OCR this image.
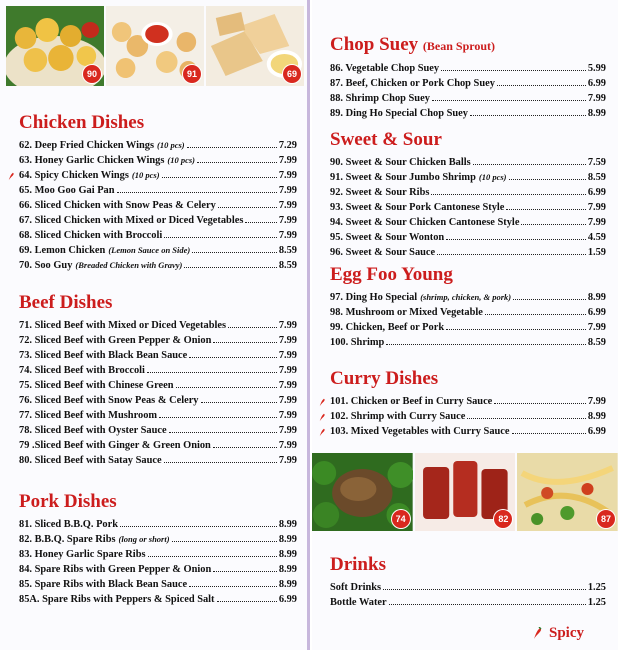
90	91	69
Chicken Dishes
62. Deep Fried Chicken Wings (10 pcs)	7.29
63. Honey Garlic Chicken Wings (10 pcs)	7.99
64. Spicy Chicken Wings (10 pcs)	7.99
65. Moo Goo Gai Pan	7.99
66. Sliced Chicken with Snow Peas & Celery	7.99
67. Sliced Chicken with Mixed or Diced Vegetables	7.99
68. Sliced Chicken with Broccoli	7.99
69. Lemon Chicken (Lemon Sauce on Side)	8.59
70. Soo Guy (Breaded Chicken with Gravy)	8.59
Beef Dishes
71. Sliced Beef with Mixed or Diced Vegetables	7.99
72. Sliced Beef with Green Pepper & Onion	7.99
73. Sliced Beef with Black Bean Sauce	7.99
74. Sliced Beef with Broccoli	7.99
75. Sliced Beef with Chinese Green	7.99
76. Sliced Beef with Snow Peas & Celery	7.99
77. Sliced Beef with Mushroom	7.99
78. Sliced Beef with Oyster Sauce	7.99
79 .Sliced Beef with Ginger & Green Onion	7.99
80. Sliced Beef with Satay Sauce	7.99
Pork Dishes
81. Sliced B.B.Q. Pork	8.99
82. B.B.Q. Spare Ribs (long or short)	8.99
83. Honey Garlic Spare Ribs	8.99
84. Spare Ribs with Green Pepper & Onion	8.99
85. Spare Ribs with Black Bean Sauce	8.99
85A. Spare Ribs with Peppers & Spiced Salt	6.99
Chop Suey (Bean Sprout)
86. Vegetable Chop Suey	5.99
87. Beef, Chicken or Pork Chop Suey	6.99
88. Shrimp Chop Suey	7.99
89. Ding Ho Special Chop Suey	8.99
Sweet & Sour
90. Sweet & Sour Chicken Balls	7.59
91. Sweet & Sour Jumbo Shrimp (10 pcs)	8.59
92. Sweet & Sour Ribs	6.99
93. Sweet & Sour Pork Cantonese Style	7.99
94. Sweet & Sour Chicken Cantonese Style	7.99
95. Sweet & Sour Wonton	4.59
96. Sweet & Sour Sauce	1.59
Egg Foo Young
97. Ding Ho Special (shrimp, chicken, & pork)	8.99
98. Mushroom or Mixed Vegetable	6.99
99. Chicken, Beef or Pork	7.99
100. Shrimp	8.59
Curry Dishes
101. Chicken or Beef in Curry Sauce	7.99
102. Shrimp with Curry Sauce	8.99
103. Mixed Vegetables with Curry Sauce	6.99
74	82	87
Drinks
Soft Drinks	1.25
Bottle Water	1.25
Spicy
